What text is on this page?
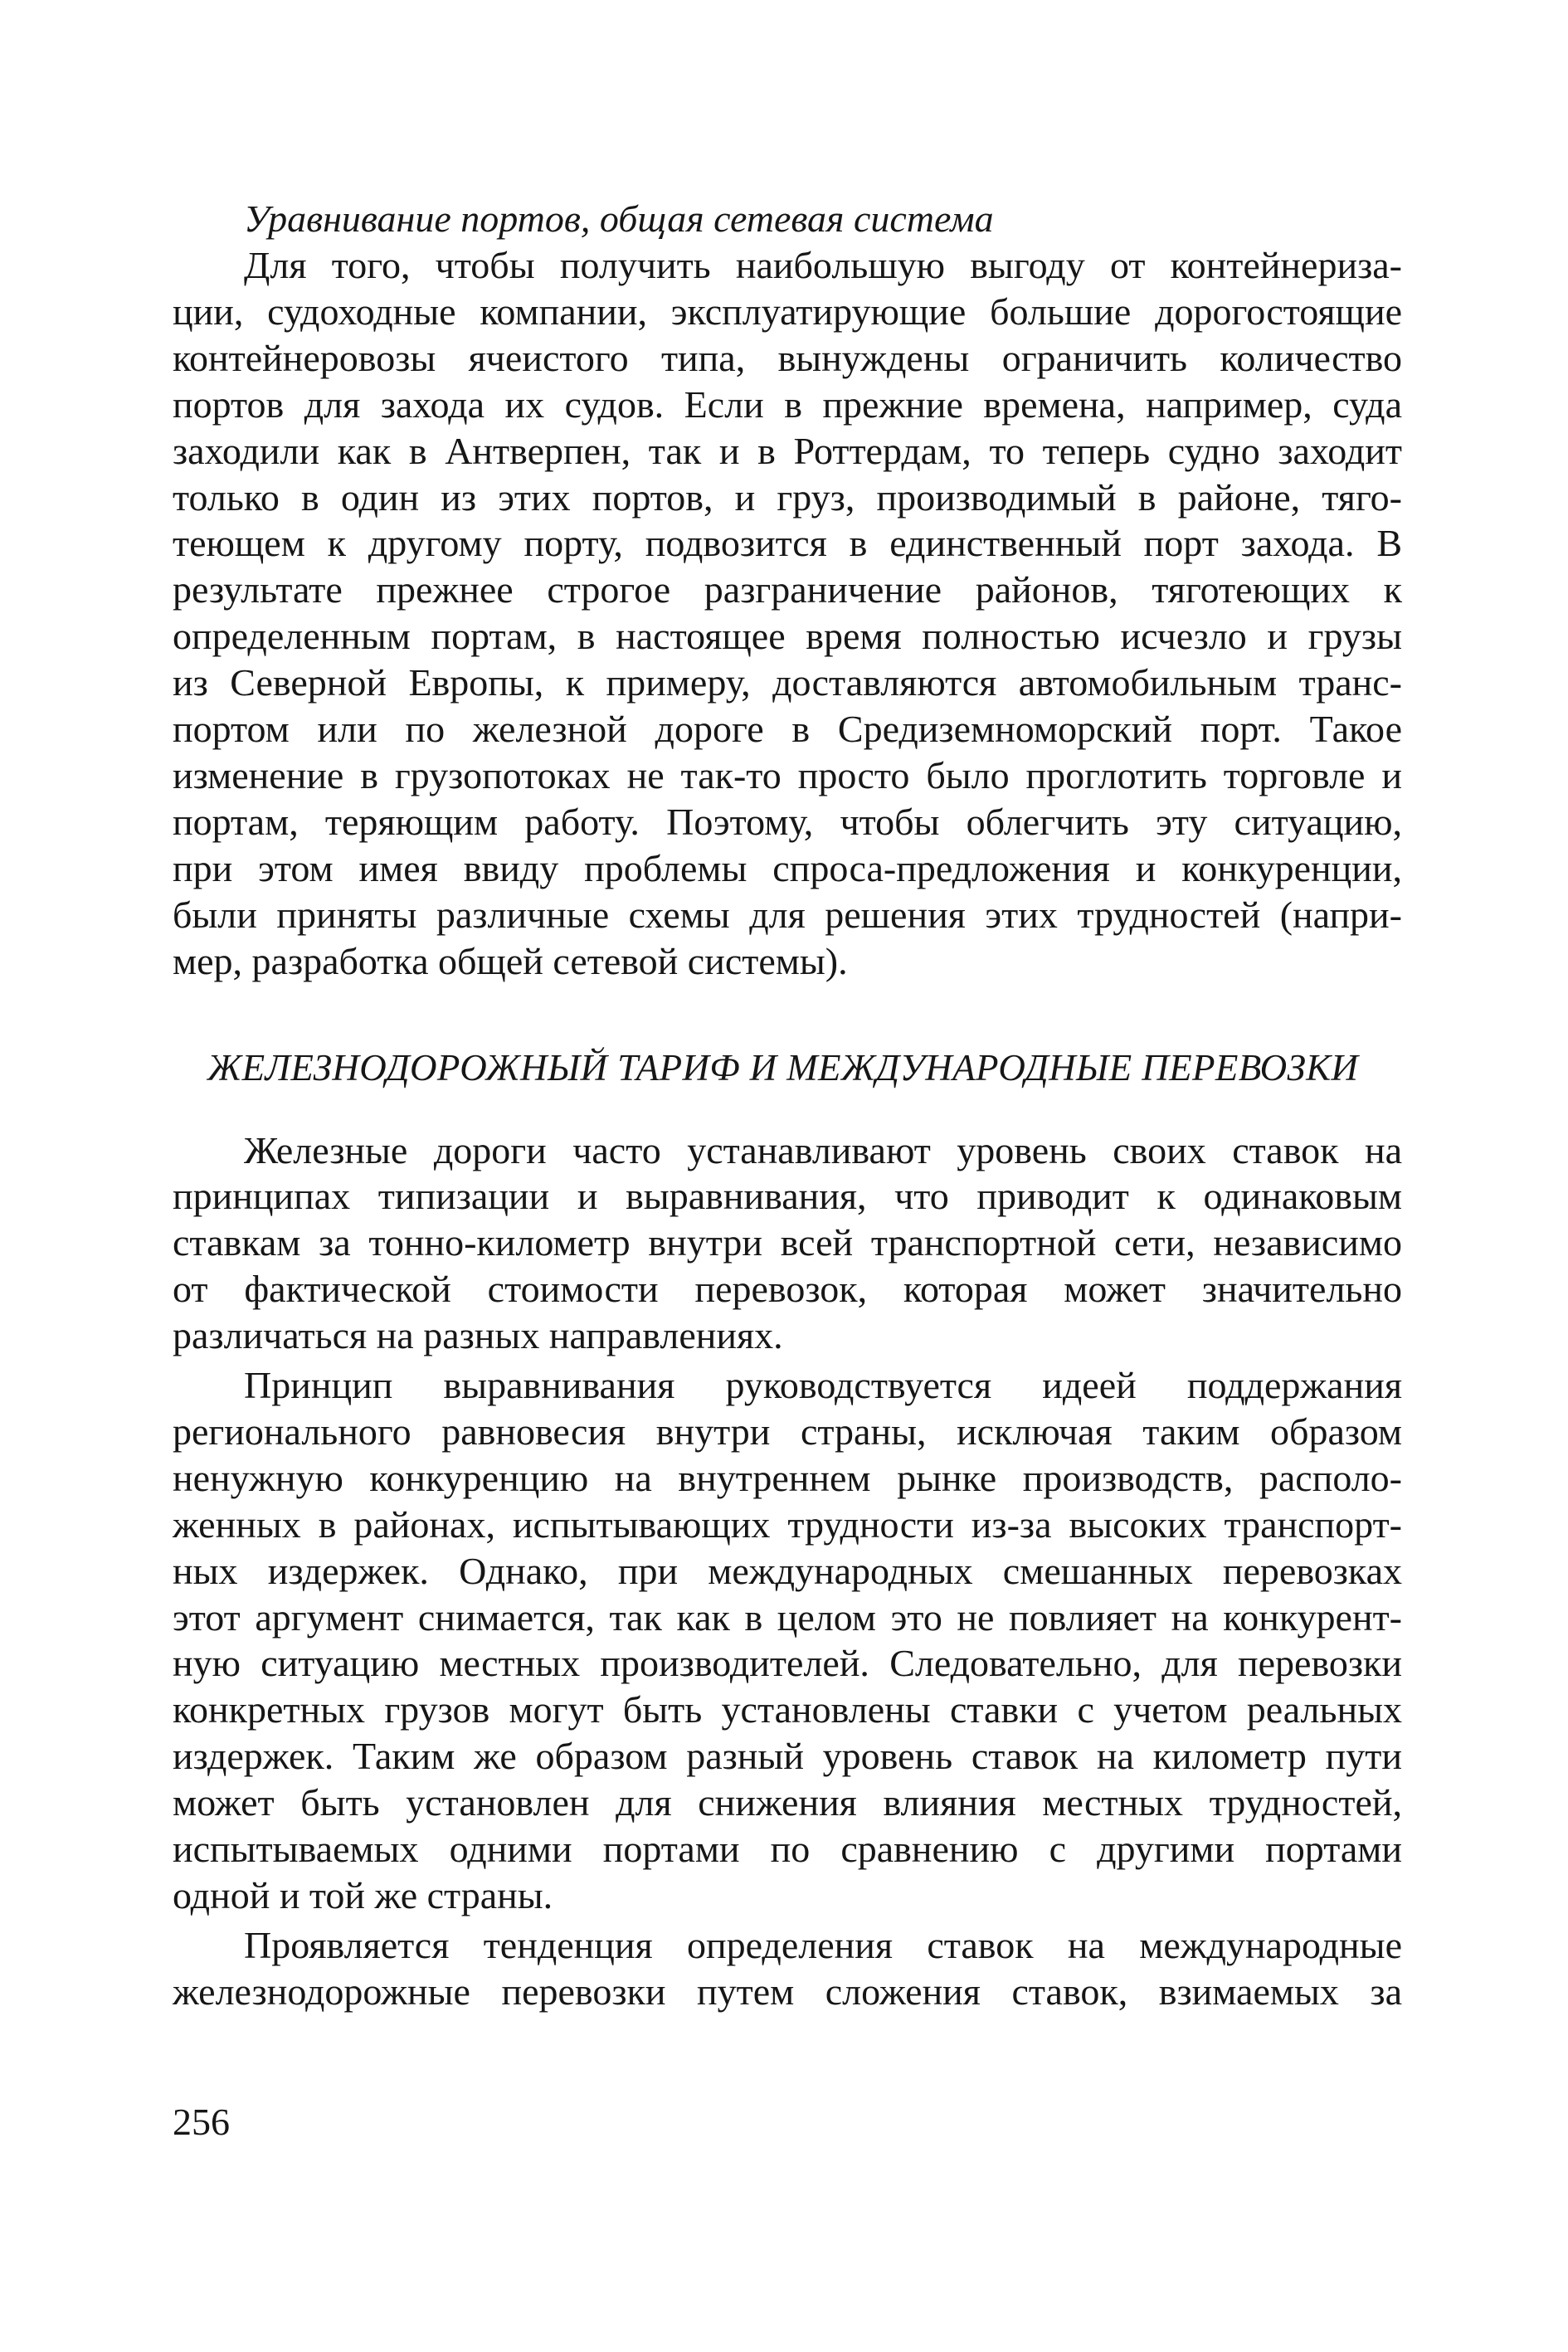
Уравнивание портов, общая сетевая система
Для того, чтобы получить наибольшую выгоду от контейнериза-
ции, судоходные компании, эксплуатирующие большие дорогостоящие
контейнеровозы ячеистого типа, вынуждены ограничить количество
портов для захода их судов. Если в прежние времена, например, суда
заходили как в Антверпен, так и в Роттердам, то теперь судно заходит
только в один из этих портов, и груз, производимый в районе, тяго-
теющем к другому порту, подвозится в единственный порт захода. В
результате прежнее строгое разграничение районов, тяготеющих к
определенным портам, в настоящее время полностью исчезло и грузы
из Северной Европы, к примеру, доставляются автомобильным транс-
портом или по железной дороге в Средиземноморский порт. Такое
изменение в грузопотоках не так-то просто было проглотить торговле и
портам, теряющим работу. Поэтому, чтобы облегчить эту ситуацию,
при этом имея ввиду проблемы спроса-предложения и конкуренции,
были приняты различные схемы для решения этих трудностей (напри-
мер, разработка общей сетевой системы).
ЖЕЛЕЗНОДОРОЖНЫЙ ТАРИФ И МЕЖДУНАРОДНЫЕ ПЕРЕВОЗКИ
Железные дороги часто устанавливают уровень своих ставок на
принципах типизации и выравнивания, что приводит к одинаковым
ставкам за тонно-километр внутри всей транспортной сети, независимо
от фактической стоимости перевозок, которая может значительно
различаться на разных направлениях.
Принцип выравнивания руководствуется идеей поддержания
регионального равновесия внутри страны, исключая таким образом
ненужную конкуренцию на внутреннем рынке производств, располо-
женных в районах, испытывающих трудности из-за высоких транспорт-
ных издержек. Однако, при международных смешанных перевозках
этот аргумент снимается, так как в целом это не повлияет на конкурент-
ную ситуацию местных производителей. Следовательно, для перевозки
конкретных грузов могут быть установлены ставки с учетом реальных
издержек. Таким же образом разный уровень ставок на километр пути
может быть установлен для снижения влияния местных трудностей,
испытываемых одними портами по сравнению с другими портами
одной и той же страны.
Проявляется тенденция определения ставок на международные
железнодорожные перевозки путем сложения ставок, взимаемых за
256
